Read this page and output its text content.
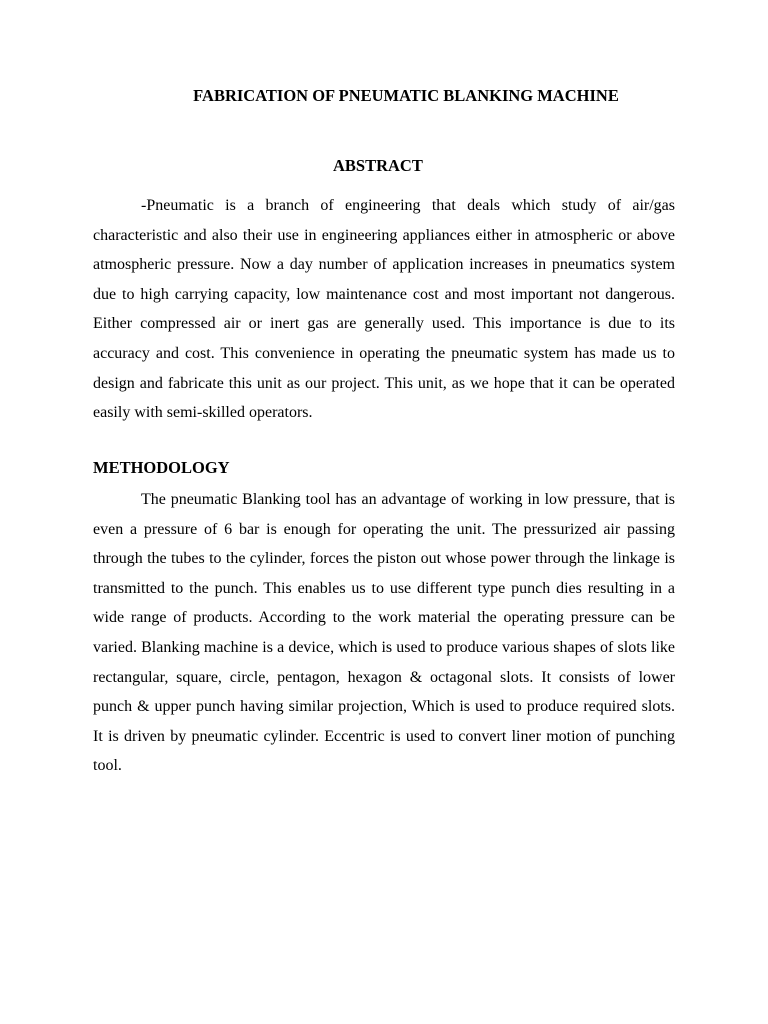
FABRICATION OF PNEUMATIC BLANKING MACHINE
ABSTRACT

-Pneumatic is a branch of engineering that deals which study of air/gas characteristic and also their use in engineering appliances either in atmospheric or above atmospheric pressure. Now a day number of application increases in pneumatics system due to high carrying capacity, low maintenance cost and most important not dangerous. Either compressed air or inert gas are generally used. This importance is due to its accuracy and cost. This convenience in operating the pneumatic system has made us to design and fabricate this unit as our project. This unit, as we hope that it can be operated easily with semi-skilled operators.

METHODOLOGY

The pneumatic Blanking tool has an advantage of working in low pressure, that is even a pressure of 6 bar is enough for operating the unit. The pressurized air passing through the tubes to the cylinder, forces the piston out whose power through the linkage is transmitted to the punch. This enables us to use different type punch dies resulting in a wide range of products. According to the work material the operating pressure can be varied. Blanking machine is a device, which is used to produce various shapes of slots like rectangular, square, circle, pentagon, hexagon & octagonal slots. It consists of lower punch & upper punch having similar projection, Which is used to produce required slots. It is driven by pneumatic cylinder. Eccentric is used to convert liner motion of punching tool.
